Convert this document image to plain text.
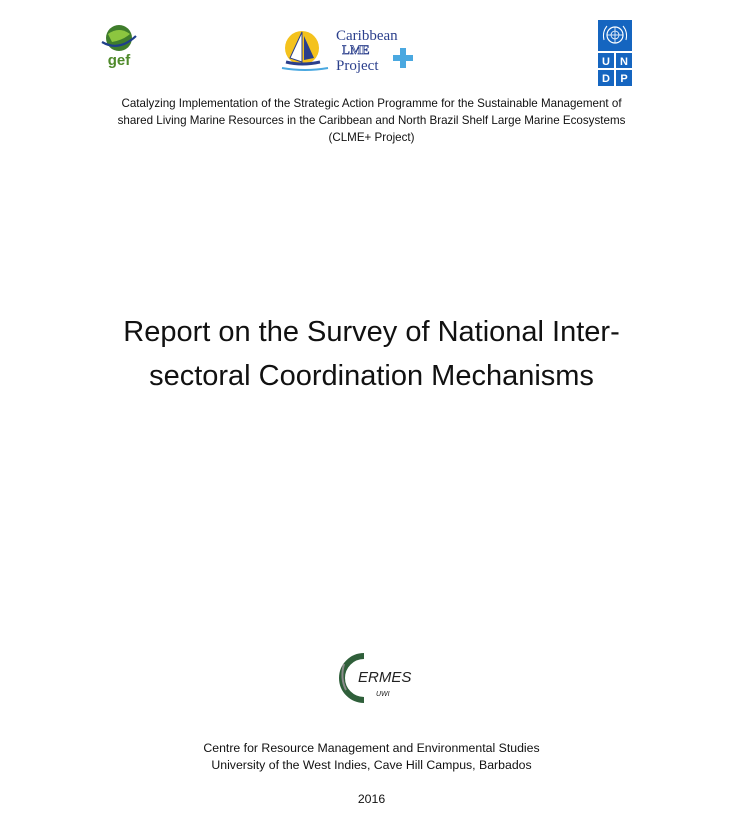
gef
Caribbean
LME
Project	U N
D P
Catalyzing Implementation of the Strategic Action Programme for the Sustainable Management of
shared Living Marine Resources in the Caribbean and North Brazil Shelf Large Marine Ecosystems
(CLME+ Project)
Report on the Survey of National Inter-
sectoral Coordination Mechanisms
ERMES
UWI
Centre for Resource Management and Environmental Studies
University of the West Indies, Cave Hill Campus, Barbados
2016
